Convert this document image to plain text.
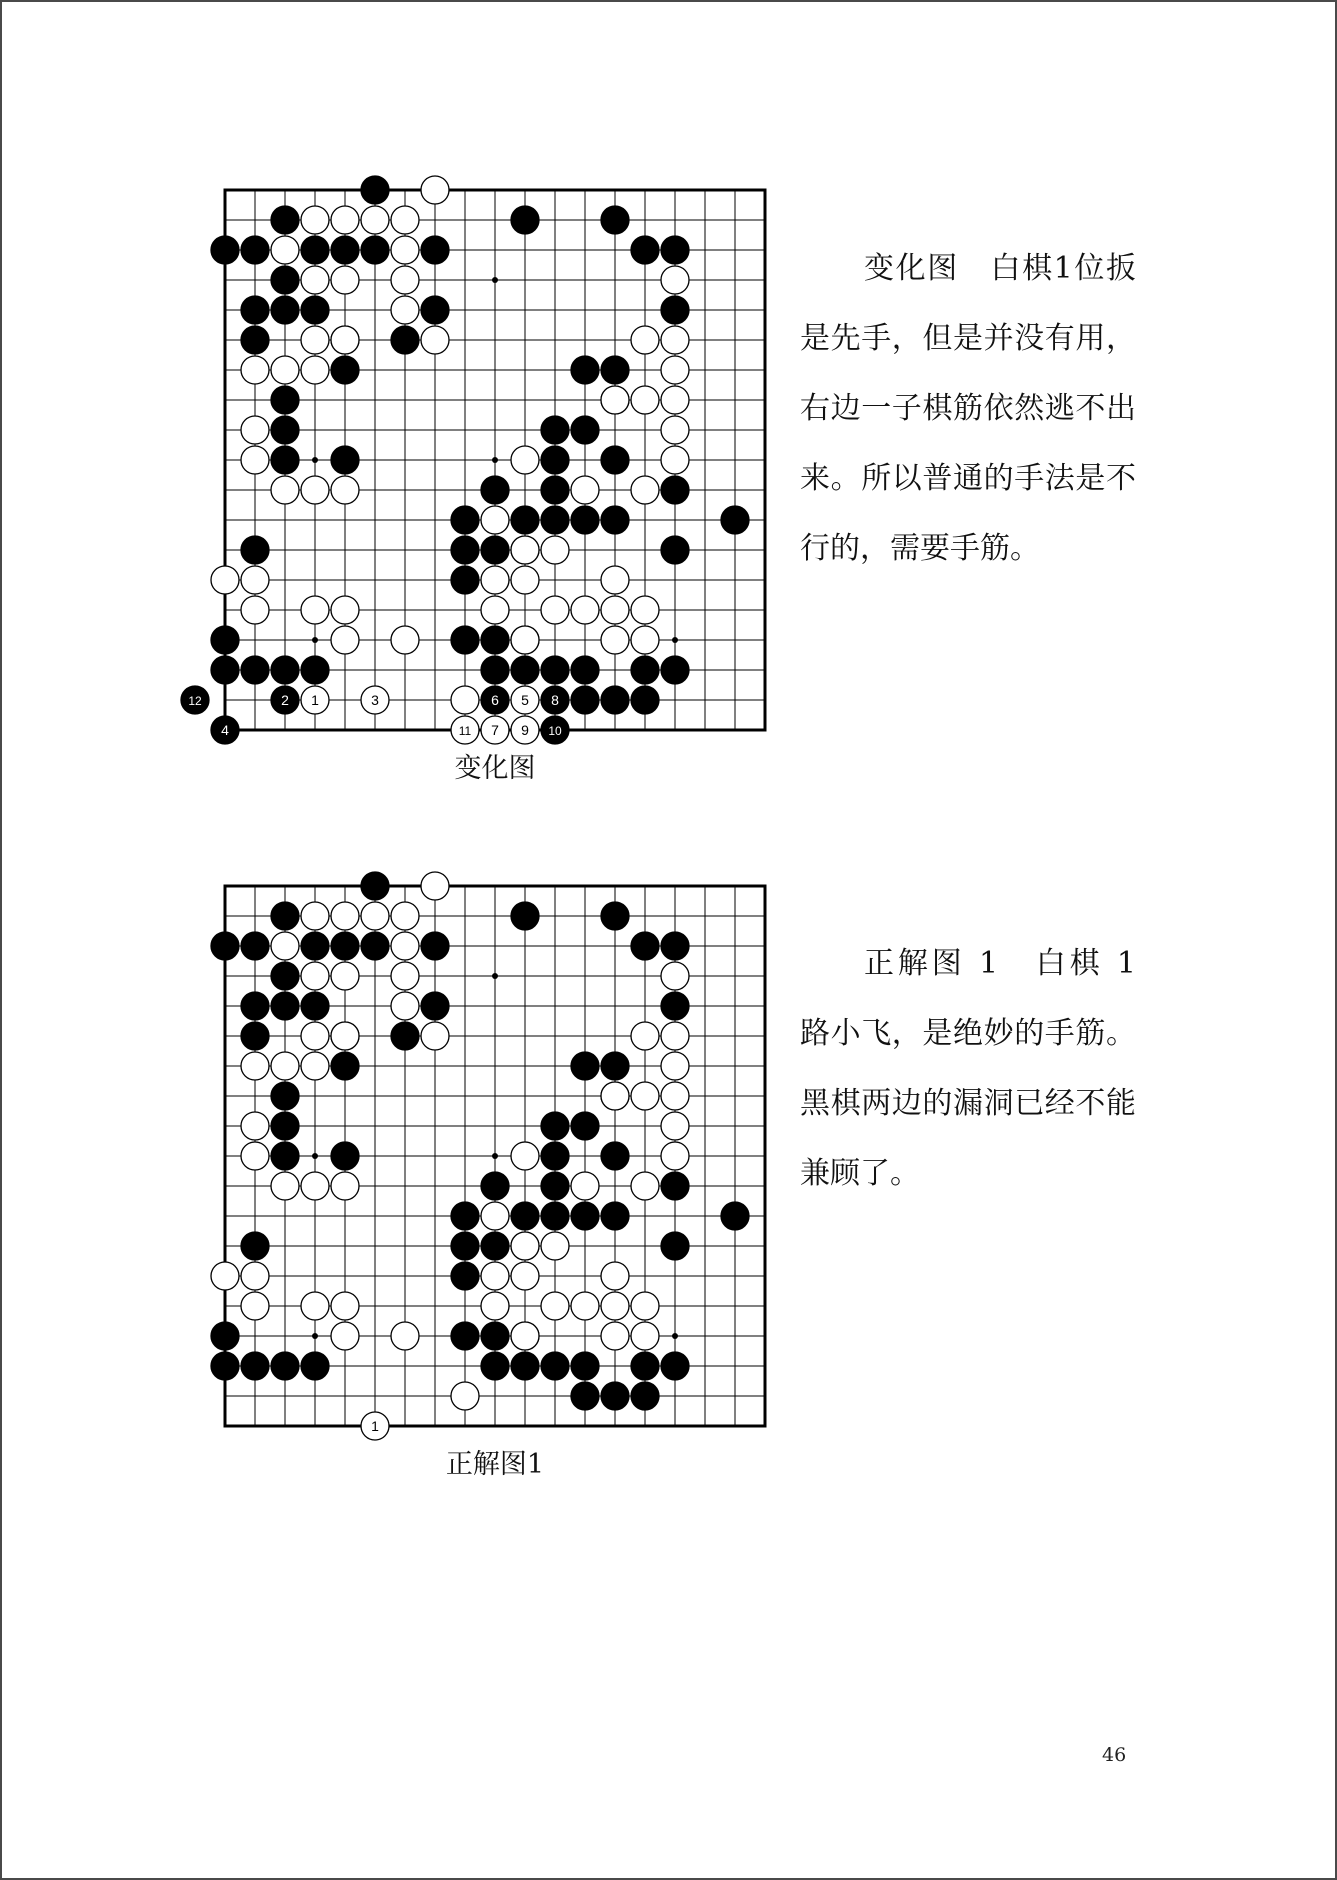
2 1	3
12	6 5 8
4	11 7 9 10
变化图

变化图　白棋1位扳是先手，但是并没有用，右边一子棋筋依然逃不出来。所以普通的手法是不行的，需要手筋。

1
正解图1

正解图 1　白棋 1 路小飞，是绝妙的手筋。黑棋两边的漏洞已经不能兼顾了。

46
